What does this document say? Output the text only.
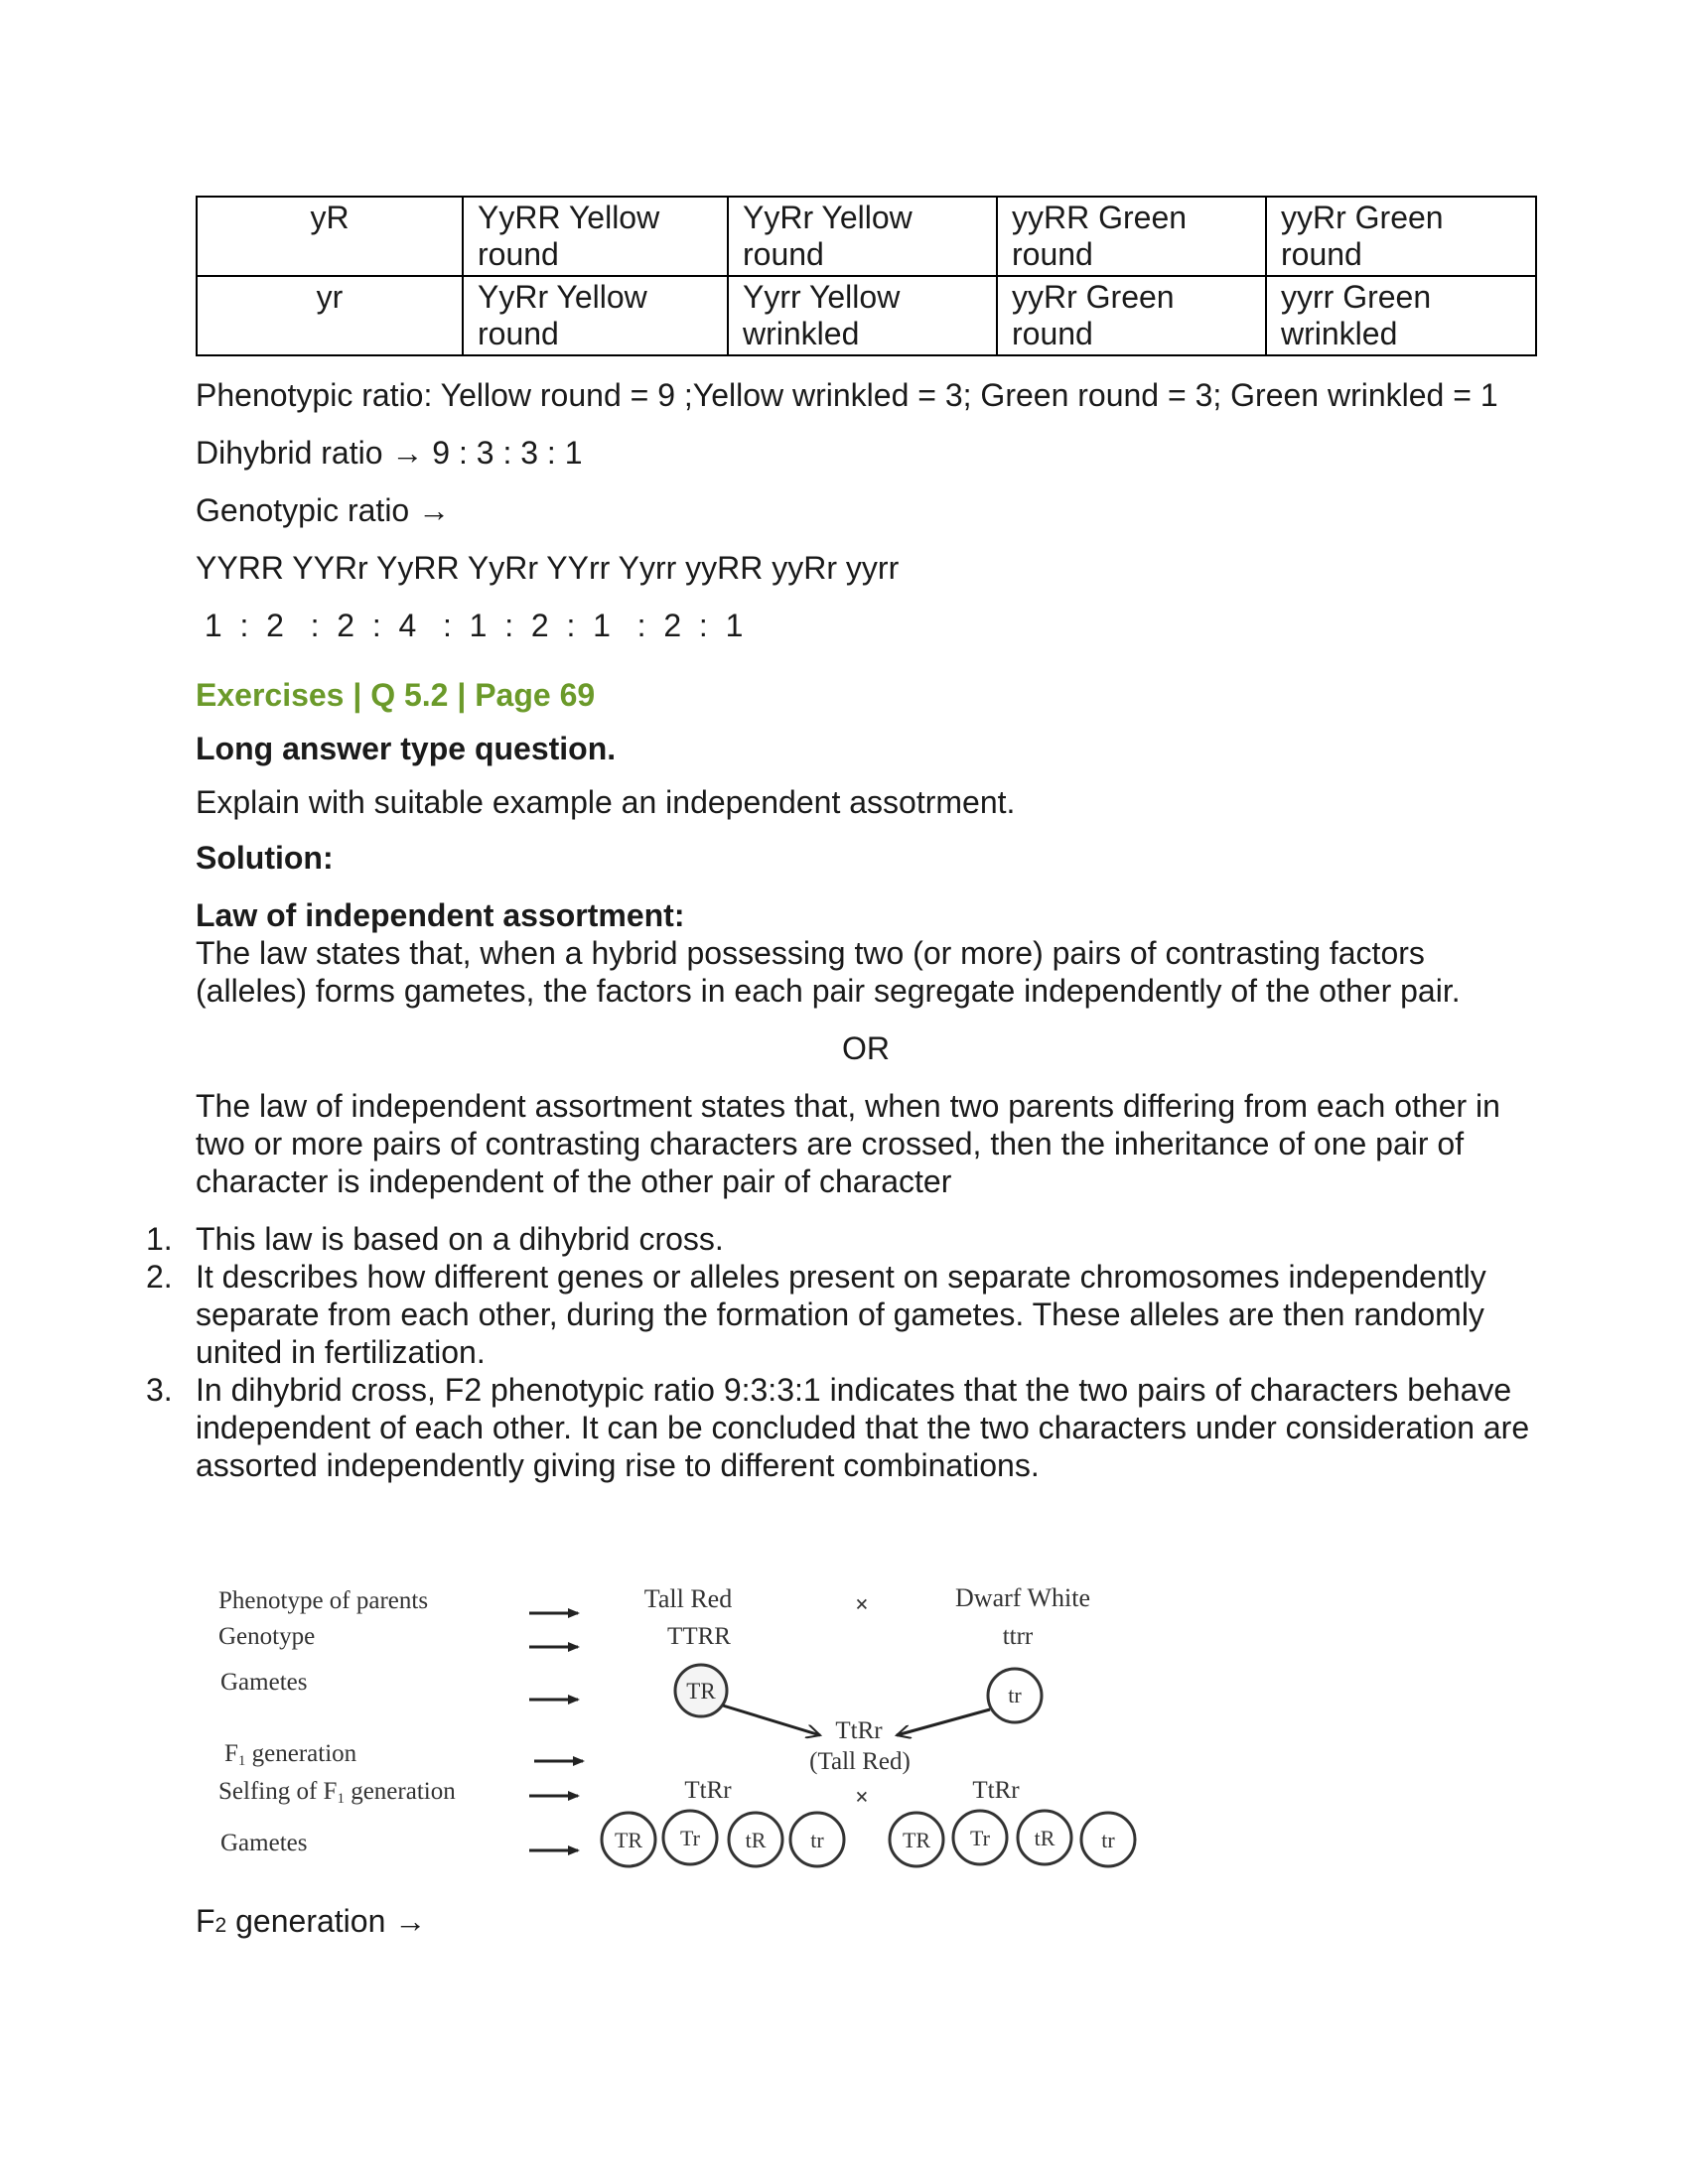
yR	YyRR Yellow round	YyRr Yellow round	yyRR Green round	yyRr Green round
yr	YyRr Yellow round	Yyrr Yellow wrinkled	yyRr Green round	yyrr Green wrinkled

Phenotypic ratio: Yellow round = 9 ;Yellow wrinkled = 3; Green round = 3; Green wrinkled = 1

Dihybrid ratio → 9 : 3 : 3 : 1

Genotypic ratio →

YYRR YYRr YyRR YyRr YYrr Yyrr yyRR yyRr yyrr

1  :  2   :  2  :  4   :  1  :  2  :  1   :  2  :  1

Exercises | Q 5.2 | Page 69

Long answer type question.

Explain with suitable example an independent assotrment.

Solution:

Law of independent assortment:

The law states that, when a hybrid possessing two (or more) pairs of contrasting factors (alleles) forms gametes, the factors in each pair segregate independently of the other pair.

OR

The law of independent assortment states that, when two parents differing from each other in two or more pairs of contrasting characters are crossed, then the inheritance of one pair of character is independent of the other pair of character

1. This law is based on a dihybrid cross.
2. It describes how different genes or alleles present on separate chromosomes independently separate from each other, during the formation of gametes. These alleles are then randomly united in fertilization.
3. In dihybrid cross, F2 phenotypic ratio 9:3:3:1 indicates that the two pairs of characters behave independent of each other. It can be concluded that the two characters under consideration are assorted independently giving rise to different combinations.
Phenotype of parents
Genotype
Gametes
F1 generation
Selfing of F1 generation
Gametes
Tall Red	×	Dwarf White
TTRR	ttrr
TR	tr
TtRr
(Tall Red)
TtRr	×	TtRr
TR Tr tR tr	TR Tr tR tr

F2 generation →
